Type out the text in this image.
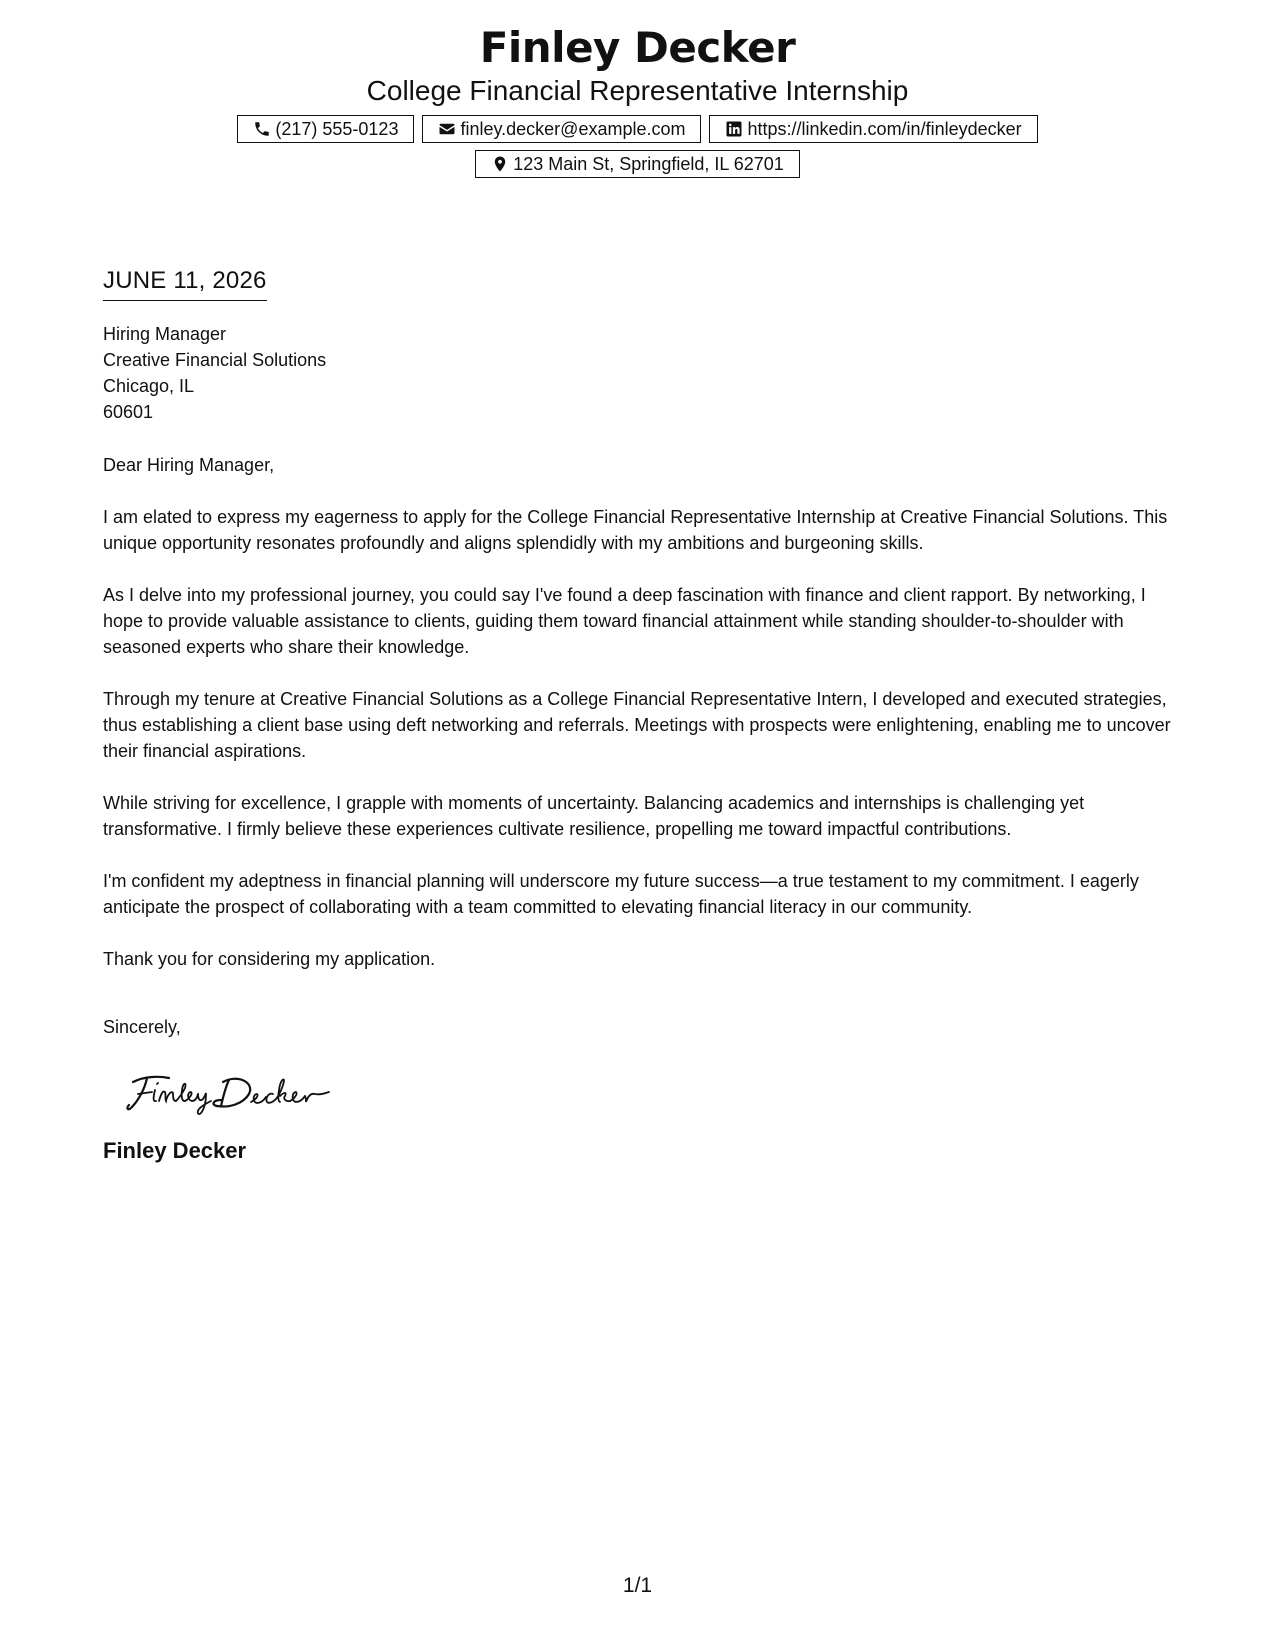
Finley Decker
College Financial Representative Internship
(217) 555-0123	finley.decker@example.com	https://linkedin.com/in/finleydecker
123 Main St, Springfield, IL 62701
JUNE 11, 2026
Hiring Manager
Creative Financial Solutions
Chicago, IL
60601
Dear Hiring Manager,
I am elated to express my eagerness to apply for the College Financial Representative Internship at Creative Financial Solutions. This unique opportunity resonates profoundly and aligns splendidly with my ambitions and burgeoning skills.
As I delve into my professional journey, you could say I've found a deep fascination with finance and client rapport. By networking, I hope to provide valuable assistance to clients, guiding them toward financial attainment while standing shoulder-to-shoulder with seasoned experts who share their knowledge.
Through my tenure at Creative Financial Solutions as a College Financial Representative Intern, I developed and executed strategies, thus establishing a client base using deft networking and referrals. Meetings with prospects were enlightening, enabling me to uncover their financial aspirations.
While striving for excellence, I grapple with moments of uncertainty. Balancing academics and internships is challenging yet transformative. I firmly believe these experiences cultivate resilience, propelling me toward impactful contributions.
I'm confident my adeptness in financial planning will underscore my future success—a true testament to my commitment. I eagerly anticipate the prospect of collaborating with a team committed to elevating financial literacy in our community.
Thank you for considering my application.
Sincerely,
Finley Decker
1/1
